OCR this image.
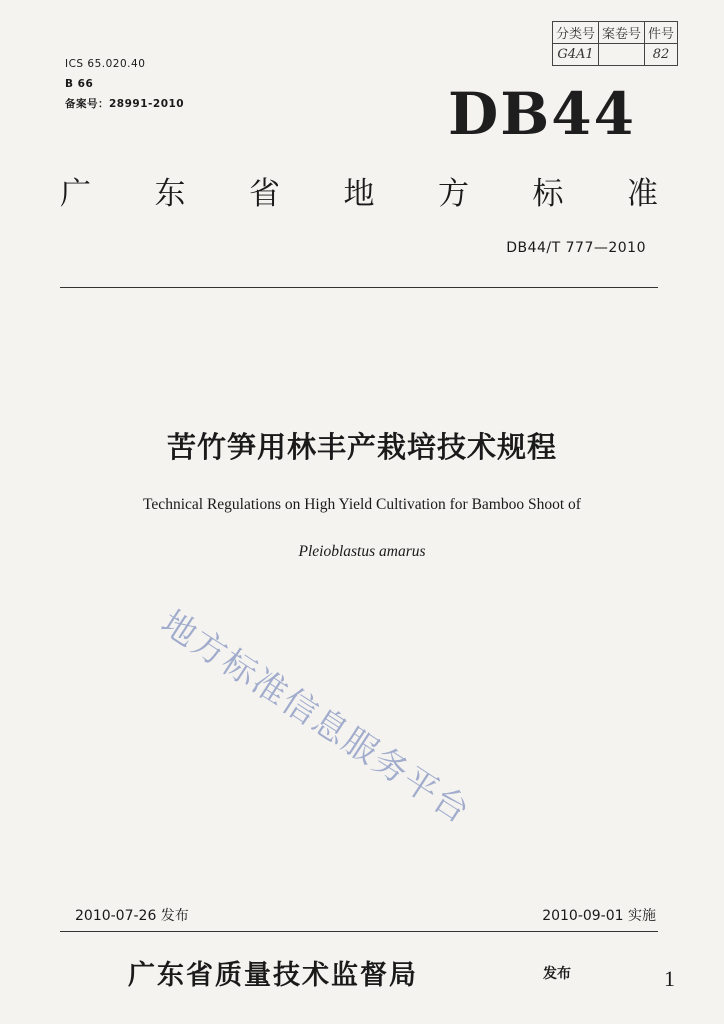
分类号	案卷号	件号
G4A1		82
ICS 65.020.40
B 66
备案号：28991-2010	DB44
广 东 省 地 方 标 准
DB44/T 777—2010
苦竹笋用林丰产栽培技术规程
Technical Regulations on High Yield Cultivation for Bamboo Shoot of
Pleioblastus amarus
地方标准信息服务平台
2010-07-26 发布	2010-09-01 实施
广东省质量技术监督局	发布	1
